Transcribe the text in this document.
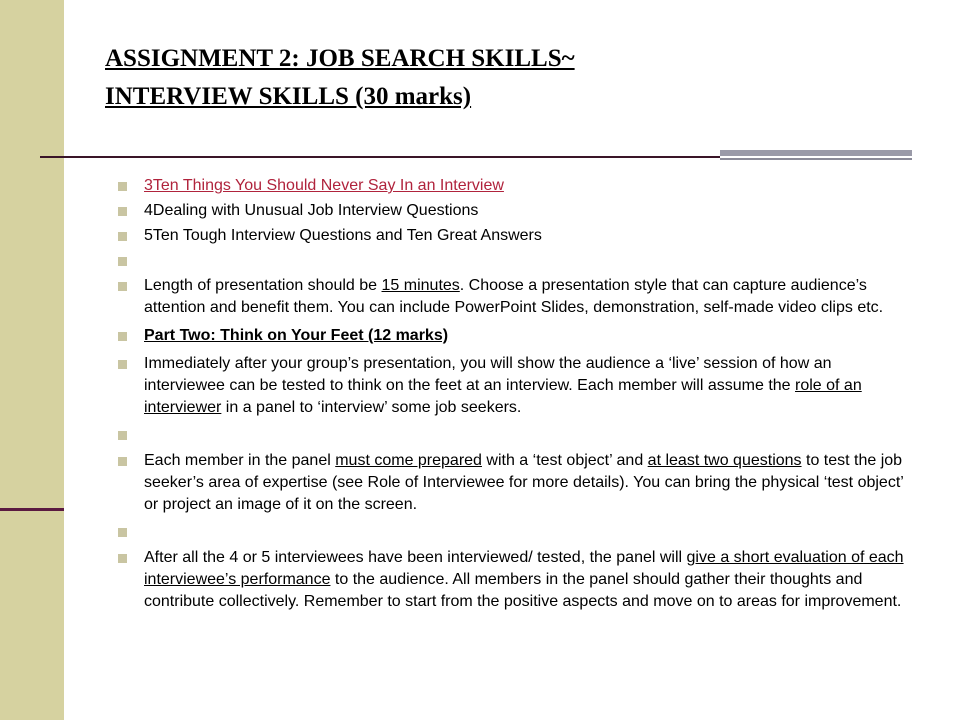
ASSIGNMENT 2: JOB SEARCH SKILLS~
INTERVIEW SKILLS (30 marks)
3Ten Things You Should Never Say In an Interview
4Dealing with Unusual Job Interview Questions
5Ten Tough Interview Questions and Ten Great Answers
Length of presentation should be 15 minutes. Choose a presentation style that can capture audience’s attention and benefit them. You can include PowerPoint Slides, demonstration, self-made video clips etc.
Part Two: Think on Your Feet (12 marks)
Immediately after your group’s presentation, you will show the audience a ‘live’ session of how an interviewee can be tested to think on the feet at an interview. Each member will assume the role of an interviewer in a panel to ‘interview’ some job seekers.
Each member in the panel must come prepared with a ‘test object’ and at least two questions to test the job seeker’s area of expertise (see Role of Interviewee for more details). You can bring the physical ‘test object’ or project an image of it on the screen.
After all the 4 or 5 interviewees have been interviewed/ tested, the panel will give a short evaluation of each interviewee’s performance to the audience. All members in the panel should gather their thoughts and contribute collectively. Remember to start from the positive aspects and move on to areas for improvement.
